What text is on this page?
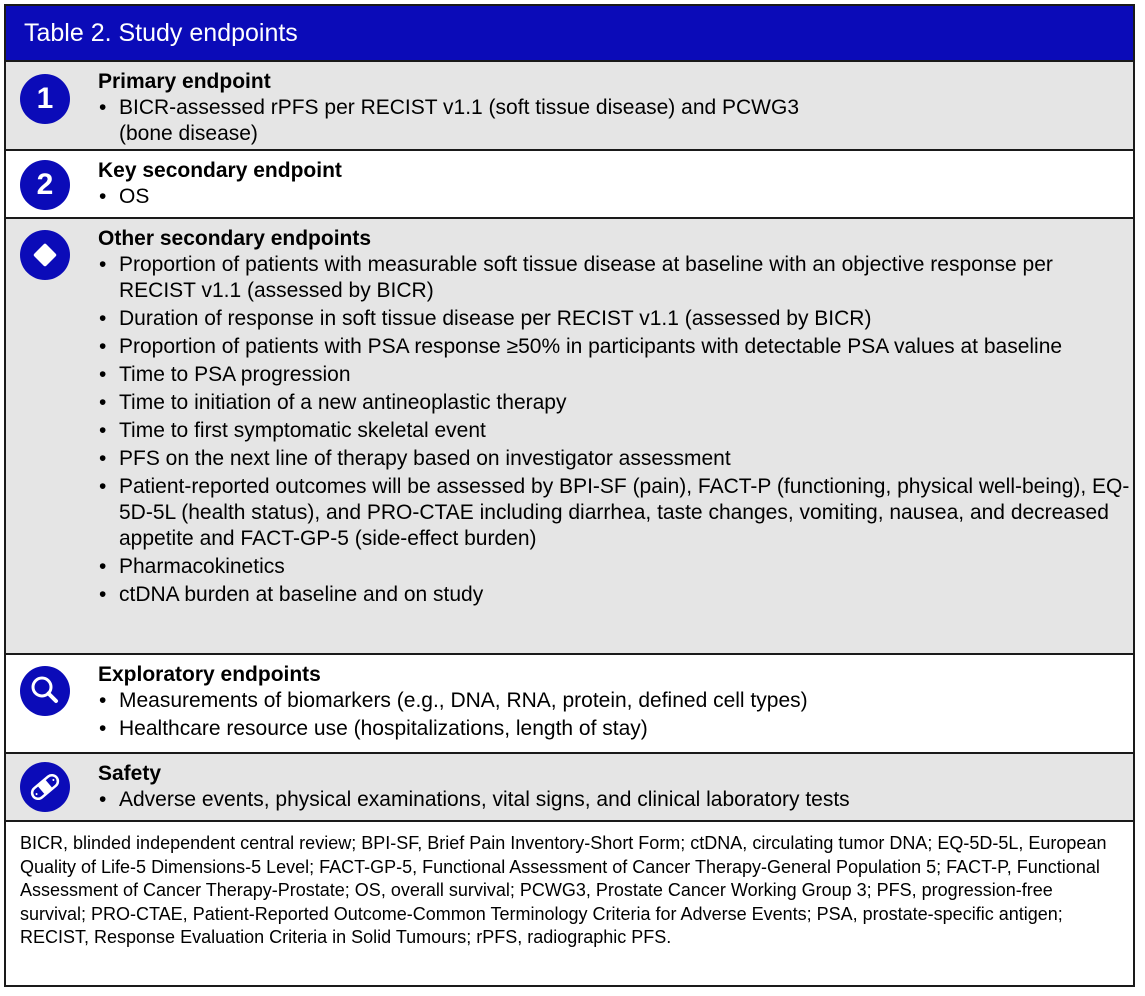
Table 2. Study endpoints
1
Primary endpoint
• BICR-assessed rPFS per RECIST v1.1 (soft tissue disease) and PCWG3
(bone disease)
2 Key secondary endpoint
• OS
Other secondary endpoints
• Proportion of patients with measurable soft tissue disease at baseline with an objective response per RECIST v1.1 (assessed by BICR)
• Duration of response in soft tissue disease per RECIST v1.1 (assessed by BICR)
• Proportion of patients with PSA response ≥50% in participants with detectable PSA values at baseline
• Time to PSA progression
• Time to initiation of a new antineoplastic therapy
• Time to first symptomatic skeletal event
• PFS on the next line of therapy based on investigator assessment
• Patient-reported outcomes will be assessed by BPI-SF (pain), FACT-P (functioning, physical well-being), EQ-5D-5L (health status), and PRO-CTAE including diarrhea, taste changes, vomiting, nausea, and decreased appetite and FACT-GP-5 (side-effect burden)
• Pharmacokinetics
• ctDNA burden at baseline and on study
Exploratory endpoints
• Measurements of biomarkers (e.g., DNA, RNA, protein, defined cell types)
• Healthcare resource use (hospitalizations, length of stay)
Safety
• Adverse events, physical examinations, vital signs, and clinical laboratory tests
BICR, blinded independent central review; BPI-SF, Brief Pain Inventory-Short Form; ctDNA, circulating tumor DNA; EQ-5D-5L, European Quality of Life-5 Dimensions-5 Level; FACT-GP-5, Functional Assessment of Cancer Therapy-General Population 5; FACT-P, Functional Assessment of Cancer Therapy-Prostate; OS, overall survival; PCWG3, Prostate Cancer Working Group 3; PFS, progression-free survival; PRO-CTAE, Patient-Reported Outcome-Common Terminology Criteria for Adverse Events; PSA, prostate-specific antigen; RECIST, Response Evaluation Criteria in Solid Tumours; rPFS, radiographic PFS.
